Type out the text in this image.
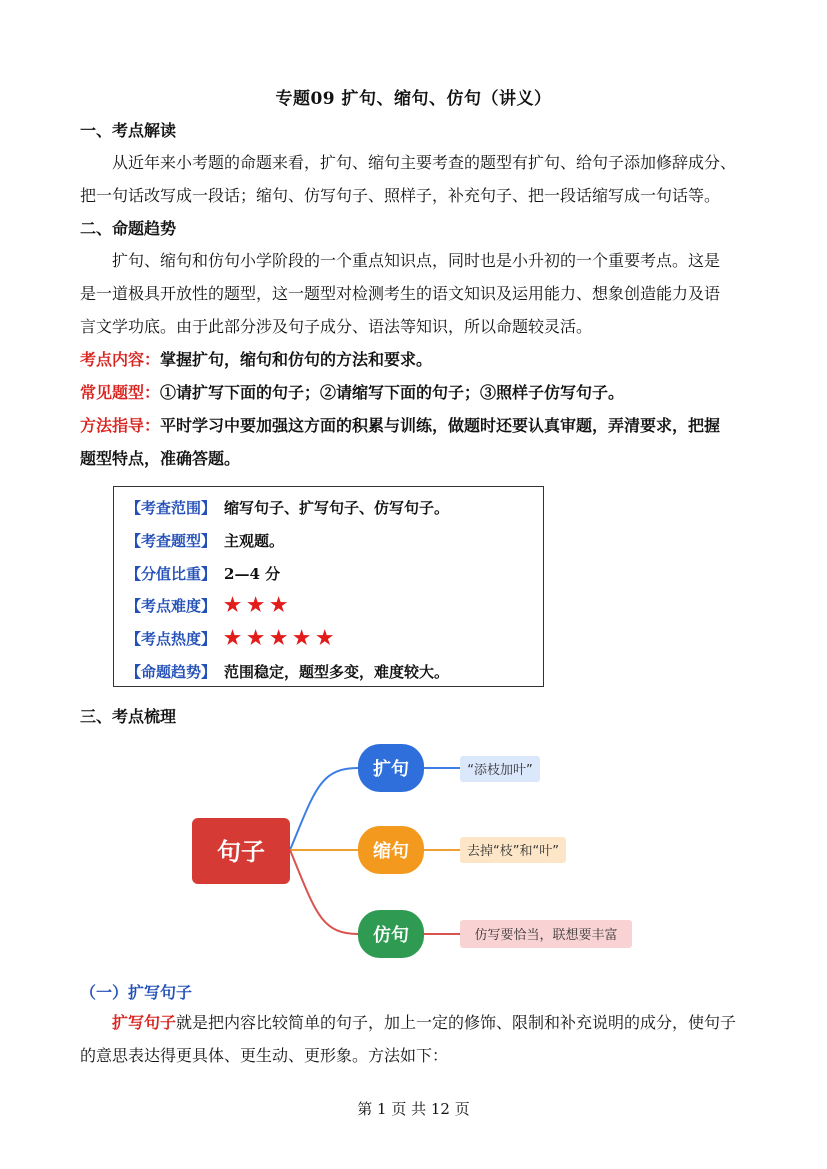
专题09 扩句、缩句、仿句（讲义）
一、考点解读
从近年来小考题的命题来看，扩句、缩句主要考查的题型有扩句、给句子添加修辞成分、
把一句话改写成一段话；缩句、仿写句子、照样子，补充句子、把一段话缩写成一句话等。
二、命题趋势
扩句、缩句和仿句小学阶段的一个重点知识点，同时也是小升初的一个重要考点。这是
是一道极具开放性的题型，这一题型对检测考生的语文知识及运用能力、想象创造能力及语
言文学功底。由于此部分涉及句子成分、语法等知识，所以命题较灵活。
考点内容：掌握扩句，缩句和仿句的方法和要求。
常见题型：①请扩写下面的句子；②请缩写下面的句子；③照样子仿写句子。
方法指导：平时学习中要加强这方面的积累与训练，做题时还要认真审题，弄清要求，把握
题型特点，准确答题。
【考查范围】 缩写句子、扩写句子、仿写句子。
【考查题型】 主观题。
【分值比重】 2—4 分
【考点难度】 ★ ★ ★
【考点热度】 ★ ★ ★ ★ ★
【命题趋势】 范围稳定，题型多变，难度较大。
三、考点梳理
句子
扩句	“添枝加叶”
缩句	去掉“枝”和“叶”
仿句	仿写要恰当，联想要丰富
（一）扩写句子
扩写句子就是把内容比较简单的句子，加上一定的修饰、限制和补充说明的成分，使句子
的意思表达得更具体、更生动、更形象。方法如下：
第 1 页 共 12 页
